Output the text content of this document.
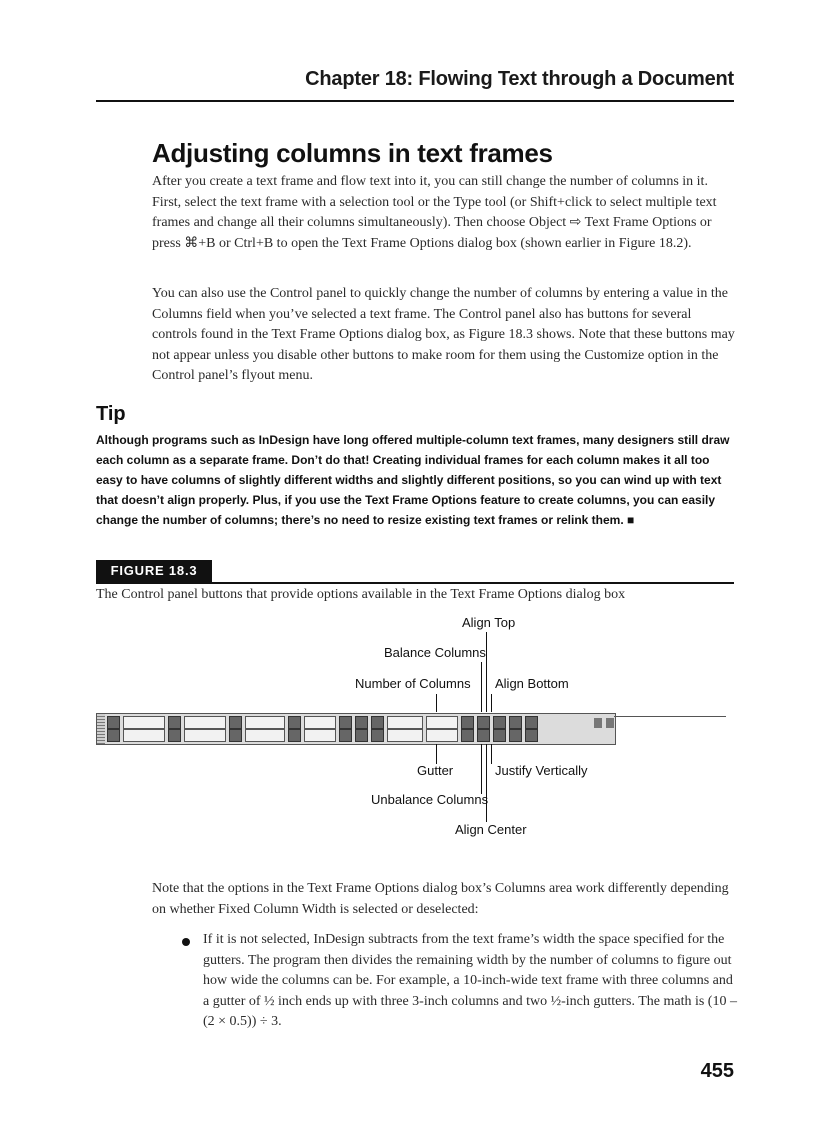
Chapter 18: Flowing Text through a Document
Adjusting columns in text frames

After you create a text frame and flow text into it, you can still change the number of columns in it. First, select the text frame with a selection tool or the Type tool (or Shift+click to select multiple text frames and change all their columns simultaneously). Then choose Object ⇨ Text Frame Options or press ⌘+B or Ctrl+B to open the Text Frame Options dialog box (shown earlier in Figure 18.2).

You can also use the Control panel to quickly change the number of columns by entering a value in the Columns field when you’ve selected a text frame. The Control panel also has buttons for several controls found in the Text Frame Options dialog box, as Figure 18.3 shows. Note that these buttons may not appear unless you disable other buttons to make room for them using the Customize option in the Control panel’s flyout menu.

Tip

Although programs such as InDesign have long offered multiple-column text frames, many designers still draw each column as a separate frame. Don’t do that! Creating individual frames for each column makes it all too easy to have columns of slightly different widths and slightly different positions, so you can wind up with text that doesn’t align properly. Plus, if you use the Text Frame Options feature to create columns, you can easily change the number of columns; there’s no need to resize existing text frames or relink them. ■

FIGURE 18.3
The Control panel buttons that provide options available in the Text Frame Options dialog box
Align Top
Balance Columns
Number of Columns Align Bottom
Gutter	Justify Vertically
Unbalance Columns
Align Center

Note that the options in the Text Frame Options dialog box’s Columns area work differently depending on whether Fixed Column Width is selected or deselected:

If it is not selected, InDesign subtracts from the text frame’s width the space specified for the gutters. The program then divides the remaining width by the number of columns to figure out how wide the columns can be. For example, a 10-inch-wide text frame with three columns and a gutter of ½ inch ends up with three 3-inch columns and two ½-inch gutters. The math is (10 – (2 × 0.5)) ÷ 3.

455
